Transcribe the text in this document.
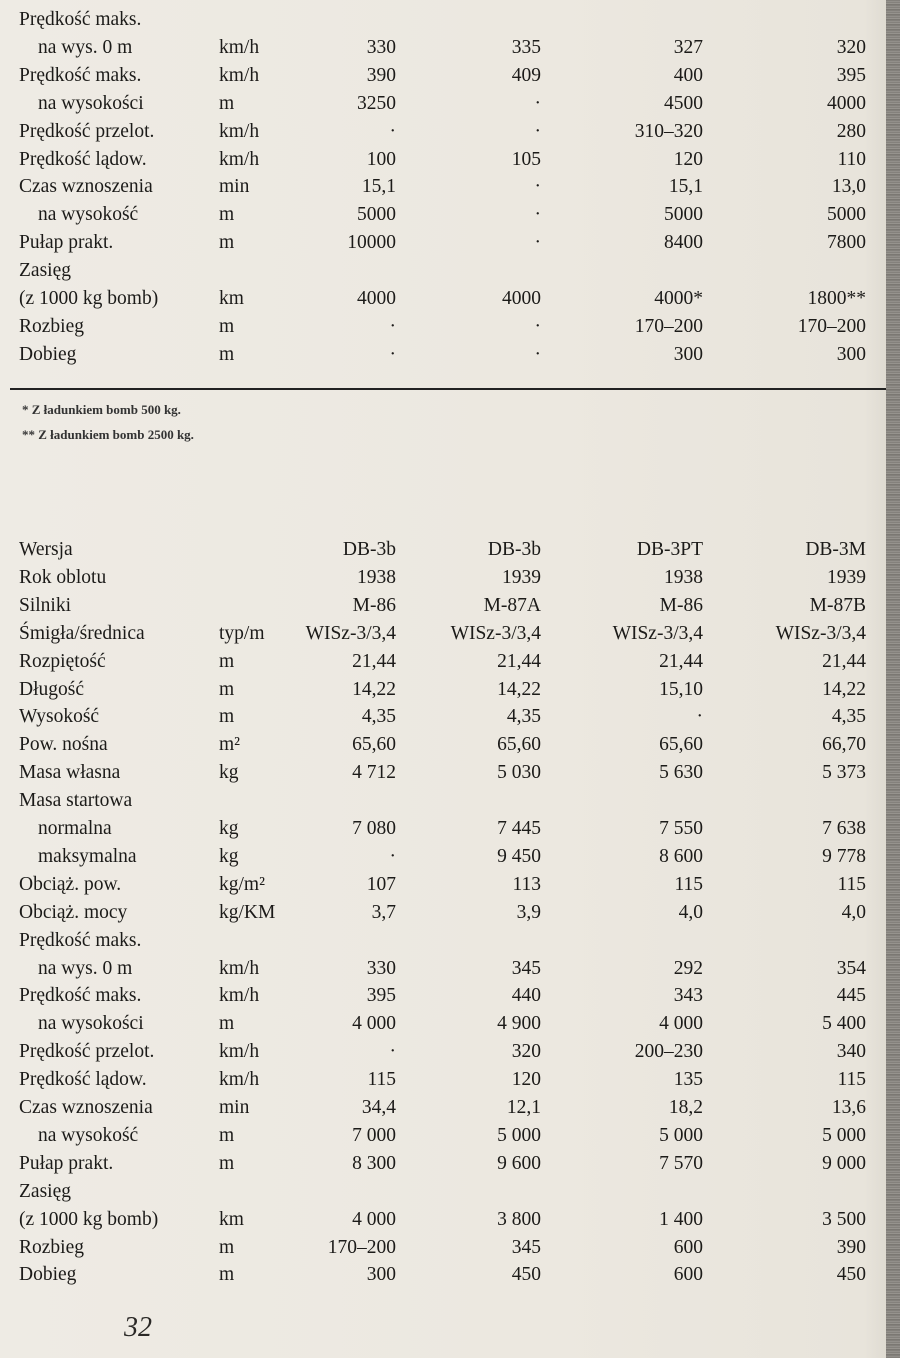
Prędkość maks.
na wys. 0 m	km/h	330	335	327	320
Prędkość maks.	km/h	390	409	400	395
na wysokości	m	3250	·	4500	4000
Prędkość przelot.	km/h	·	·	310–320	280
Prędkość lądow.	km/h	100	105	120	110
Czas wznoszenia	min	15,1	·	15,1	13,0
na wysokość	m	5000	·	5000	5000
Pułap prakt.	m	10000	·	8400	7800
Zasięg
(z 1000 kg bomb)	km	4000	4000	4000*	1800**
Rozbieg	m	·	·	170–200	170–200
Dobieg	m	·	·	300	300
* Z ładunkiem bomb 500 kg.
** Z ładunkiem bomb 2500 kg.
Wersja	DB-3b	DB-3b	DB-3PT	DB-3M
Rok oblotu	1938	1939	1938	1939
Silniki	M-86	M-87A	M-86	M-87B
Śmigła/średnica	typ/m WISz-3/3,4	WISz-3/3,4	WISz-3/3,4	WISz-3/3,4
Rozpiętość	m	21,44	21,44	21,44	21,44
Długość	m	14,22	14,22	15,10	14,22
Wysokość	m	4,35	4,35	·	4,35
Pow. nośna	m²	65,60	65,60	65,60	66,70
Masa własna	kg	4 712	5 030	5 630	5 373
Masa startowa
normalna	kg	7 080	7 445	7 550	7 638
maksymalna	kg	·	9 450	8 600	9 778
Obciąż. pow.	kg/m²	107	113	115	115
Obciąż. mocy	kg/KM	3,7	3,9	4,0	4,0
Prędkość maks.
na wys. 0 m	km/h	330	345	292	354
Prędkość maks.	km/h	395	440	343	445
na wysokości	m	4 000	4 900	4 000	5 400
Prędkość przelot.	km/h	·	320	200–230	340
Prędkość lądow.	km/h	115	120	135	115
Czas wznoszenia	min	34,4	12,1	18,2	13,6
na wysokość	m	7 000	5 000	5 000	5 000
Pułap prakt.	m	8 300	9 600	7 570	9 000
Zasięg
(z 1000 kg bomb)	km	4 000	3 800	1 400	3 500
Rozbieg	m	170–200	345	600	390
Dobieg	m	300	450	600	450
32
